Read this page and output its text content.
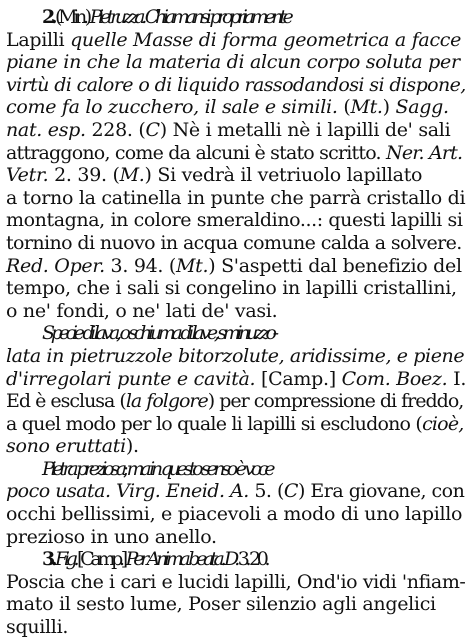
2. (Min.) Pietruzza. Chiamansi propriamente
Lapilli quelle Masse di forma geometrica a facce
piane in che la materia di alcun corpo soluta per
virtù di calore o di liquido rassodandosi si dispone,
come fa lo zucchero, il sale e simili. (Mt.) Sagg.
nat. esp. 228. (C) Nè i metalli nè i lapilli de' sali
attraggono, come da alcuni è stato scritto. Ner. Art.
Vetr. 2. 39. (M.) Si vedrà il vetriuolo lapillato
a torno la catinella in punte che parrà cristallo di
montagna, in colore smeraldino...: questi lapilli si
tornino di nuovo in acqua comune calda a solvere.
Red. Oper. 3. 94. (Mt.) S'aspetti dal benefizio del
tempo, che i sali si congelino in lapilli cristallini,
o ne' fondi, o ne' lati de' vasi.
Specie di lava, o schiuma di lave, sminuzzo-
lata in pietruzzole bitorzolute, aridissime, e piene
d'irregolari punte e cavità. [Camp.] Com. Boez. I.
Ed è esclusa (la folgore) per compressione di freddo,
a quel modo per lo quale li lapilli si escludono (cioè,
sono eruttati).
Pietra preziosa; ma in questo senso è voce
poco usata. Virg. Eneid. A. 5. (C) Era giovane, con
occhi bellissimi, e piacevoli a modo di uno lapillo
prezioso in uno anello.
3. Fig. [Camp.] Per Anima beata. D. 3. 20.
Poscia che i cari e lucidi lapilli, Ond'io vidi 'nfiam-
mato il sesto lume, Poser silenzio agli angelici
squilli.
